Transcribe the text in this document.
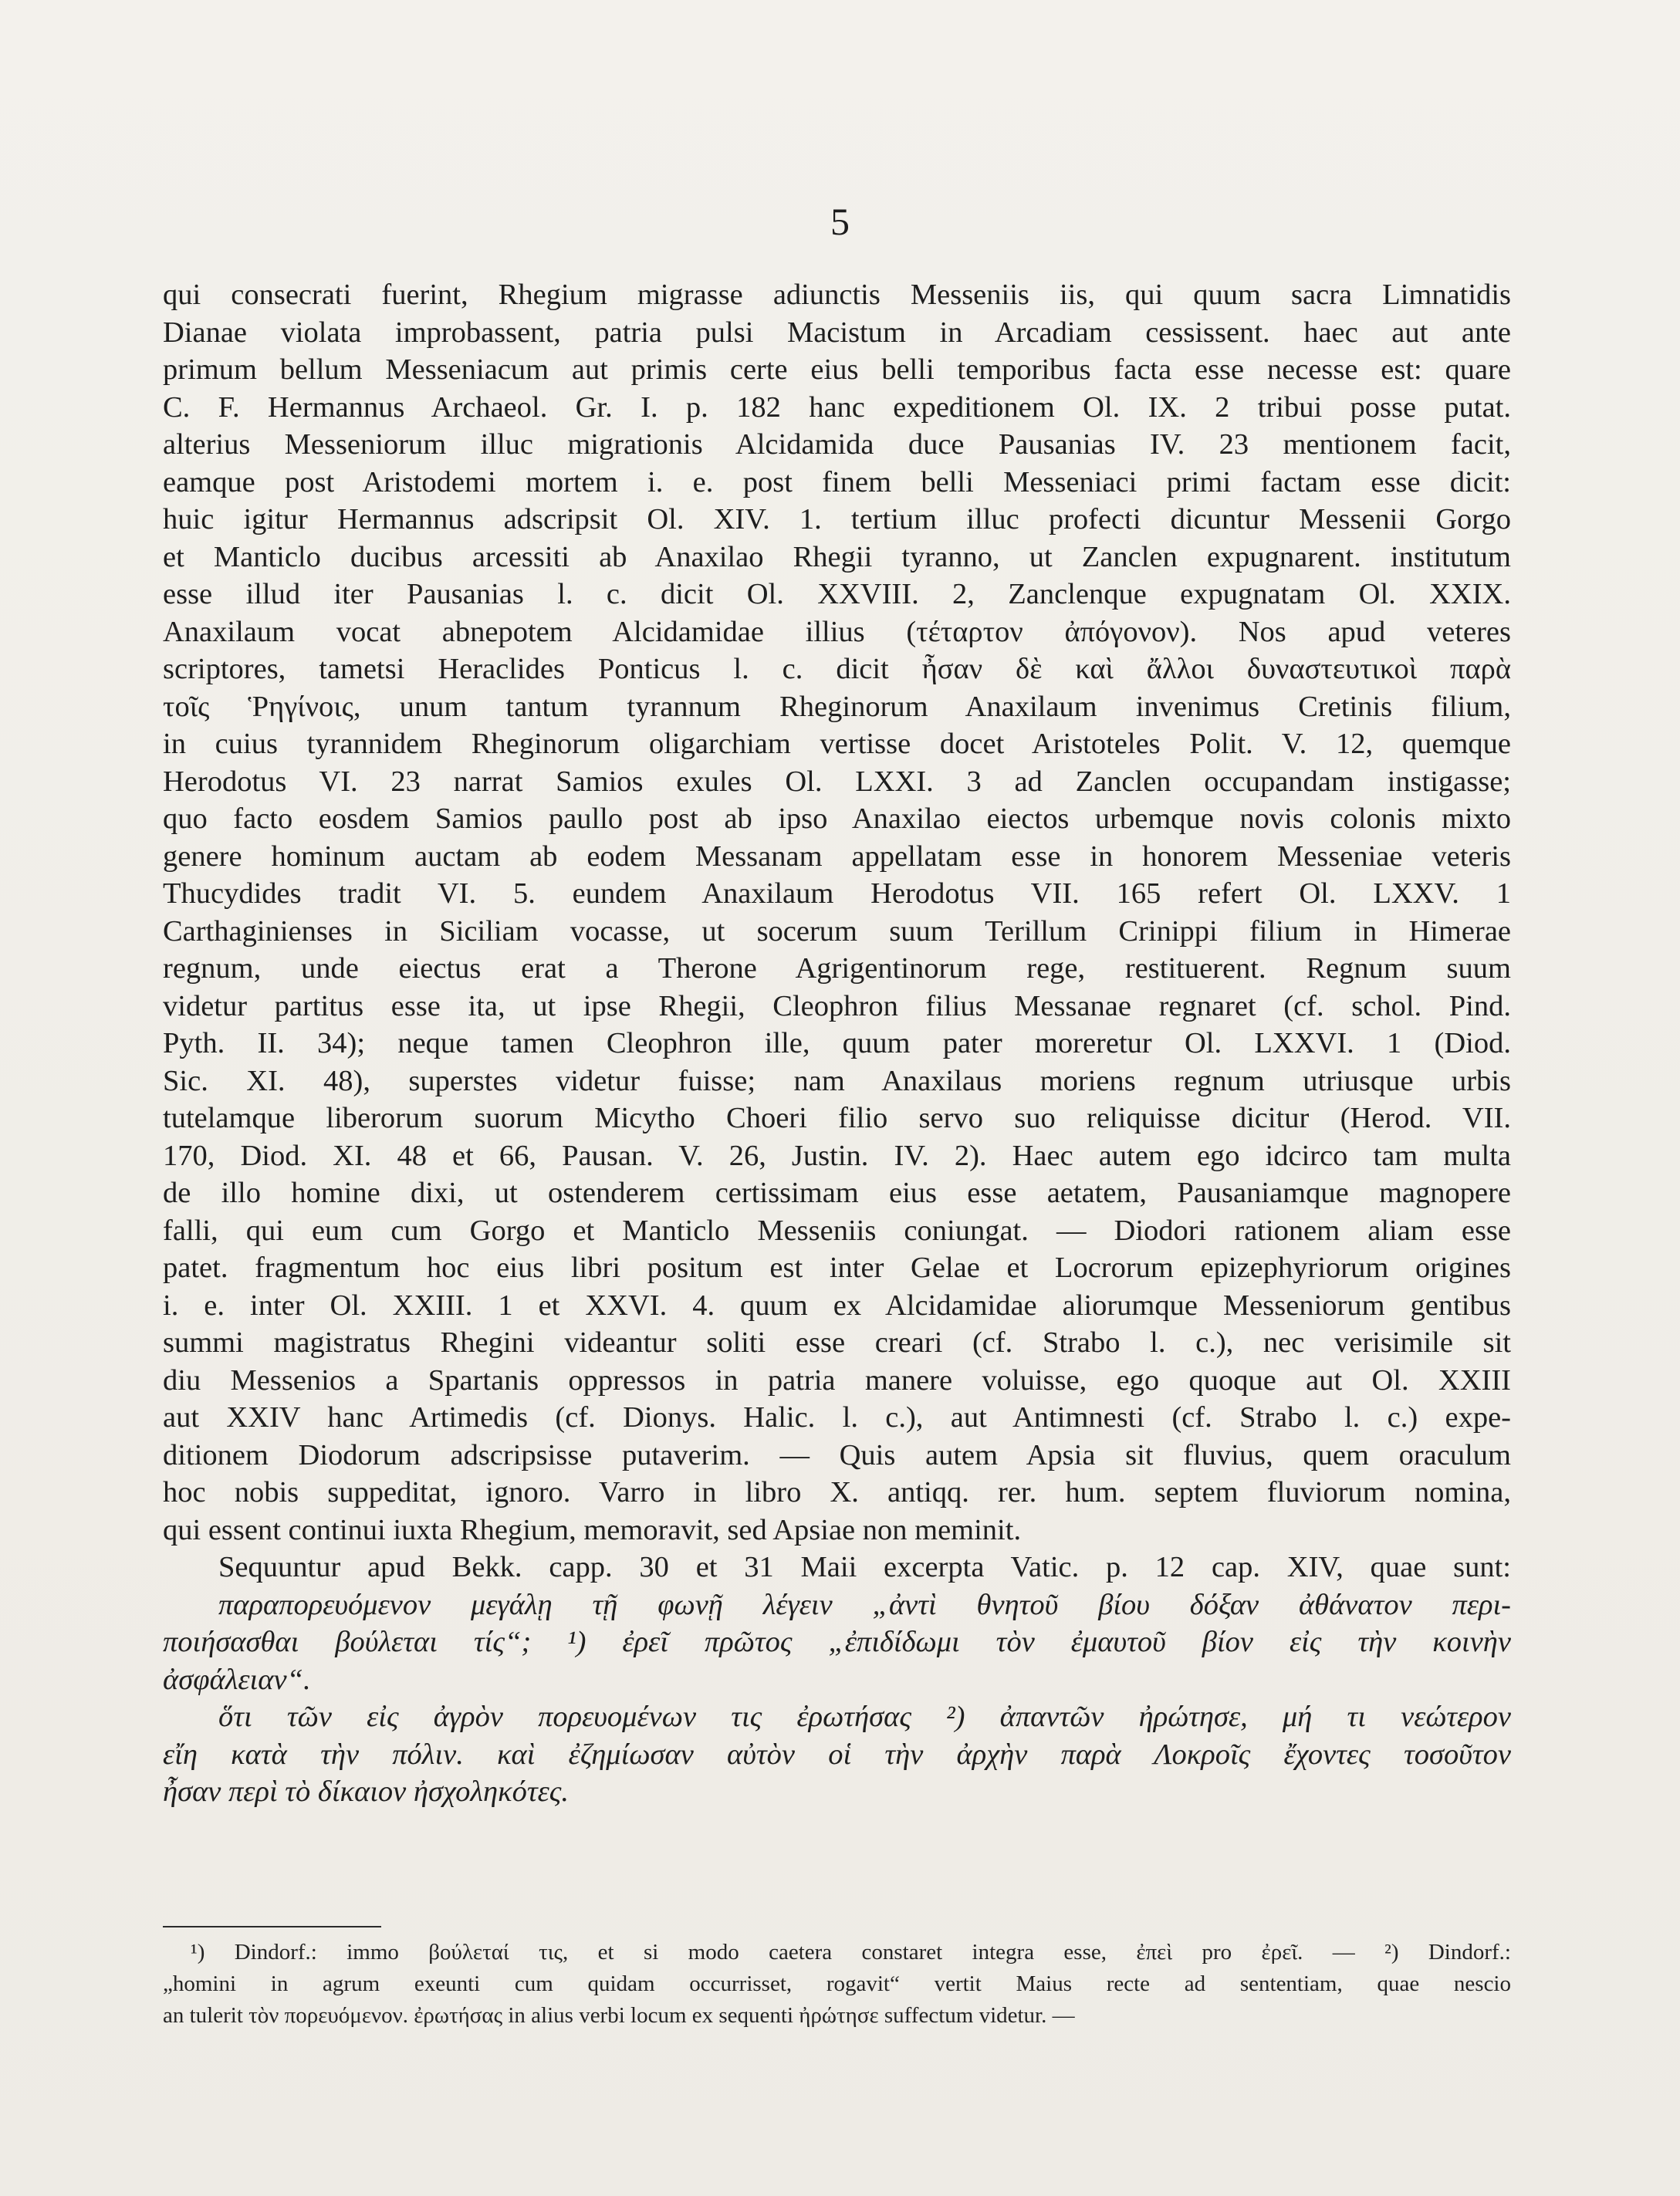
5
qui consecrati fuerint, Rhegium migrasse adiunctis Messeniis iis, qui quum sacra Limnatidis
Dianae violata improbassent, patria pulsi Macistum in Arcadiam cessissent. haec aut ante
primum bellum Messeniacum aut primis certe eius belli temporibus facta esse necesse est: quare
C. F. Hermannus Archaeol. Gr. I. p. 182 hanc expeditionem Ol. IX. 2 tribui posse putat.
alterius Messeniorum illuc migrationis Alcidamida duce Pausanias IV. 23 mentionem facit,
eamque post Aristodemi mortem i. e. post finem belli Messeniaci primi factam esse dicit:
huic igitur Hermannus adscripsit Ol. XIV. 1. tertium illuc profecti dicuntur Messenii Gorgo
et Manticlo ducibus arcessiti ab Anaxilao Rhegii tyranno, ut Zanclen expugnarent. institutum
esse illud iter Pausanias l. c. dicit Ol. XXVIII. 2, Zanclenque expugnatam Ol. XXIX.
Anaxilaum vocat abnepotem Alcidamidae illius (τέταρτον ἀπόγονον). Nos apud veteres
scriptores, tametsi Heraclides Ponticus l. c. dicit ἦσαν δὲ καὶ ἄλλοι δυναστευτικοὶ παρὰ
τοῖς Ῥηγίνοις, unum tantum tyrannum Rheginorum Anaxilaum invenimus Cretinis filium,
in cuius tyrannidem Rheginorum oligarchiam vertisse docet Aristoteles Polit. V. 12, quemque
Herodotus VI. 23 narrat Samios exules Ol. LXXI. 3 ad Zanclen occupandam instigasse;
quo facto eosdem Samios paullo post ab ipso Anaxilao eiectos urbemque novis colonis mixto
genere hominum auctam ab eodem Messanam appellatam esse in honorem Messeniae veteris
Thucydides tradit VI. 5. eundem Anaxilaum Herodotus VII. 165 refert Ol. LXXV. 1
Carthaginienses in Siciliam vocasse, ut socerum suum Terillum Crinippi filium in Himerae
regnum, unde eiectus erat a Therone Agrigentinorum rege, restituerent. Regnum suum
videtur partitus esse ita, ut ipse Rhegii, Cleophron filius Messanae regnaret (cf. schol. Pind.
Pyth. II. 34); neque tamen Cleophron ille, quum pater moreretur Ol. LXXVI. 1 (Diod.
Sic. XI. 48), superstes videtur fuisse; nam Anaxilaus moriens regnum utriusque urbis
tutelamque liberorum suorum Micytho Choeri filio servo suo reliquisse dicitur (Herod. VII.
170, Diod. XI. 48 et 66, Pausan. V. 26, Justin. IV. 2). Haec autem ego idcirco tam multa
de illo homine dixi, ut ostenderem certissimam eius esse aetatem, Pausaniamque magnopere
falli, qui eum cum Gorgo et Manticlo Messeniis coniungat. — Diodori rationem aliam esse
patet. fragmentum hoc eius libri positum est inter Gelae et Locrorum epizephyriorum origines
i. e. inter Ol. XXIII. 1 et XXVI. 4. quum ex Alcidamidae aliorumque Messeniorum gentibus
summi magistratus Rhegini videantur soliti esse creari (cf. Strabo l. c.), nec verisimile sit
diu Messenios a Spartanis oppressos in patria manere voluisse, ego quoque aut Ol. XXIII
aut XXIV hanc Artimedis (cf. Dionys. Halic. l. c.), aut Antimnesti (cf. Strabo l. c.) expe-
ditionem Diodorum adscripsisse putaverim. — Quis autem Apsia sit fluvius, quem oraculum
hoc nobis suppeditat, ignoro. Varro in libro X. antiqq. rer. hum. septem fluviorum nomina,
qui essent continui iuxta Rhegium, memoravit, sed Apsiae non meminit.
Sequuntur apud Bekk. capp. 30 et 31 Maii excerpta Vatic. p. 12 cap. XIV, quae sunt:
παραπορευόμενον μεγάλῃ τῇ φωνῇ λέγειν „ἀντὶ θνητοῦ βίου δόξαν ἀθάνατον περι-
ποιήσασθαι βούλεται τίς“; ¹) ἐρεῖ πρῶτος „ἐπιδίδωμι τὸν ἐμαυτοῦ βίον εἰς τὴν κοινὴν
ἀσφάλειαν“.
ὅτι τῶν εἰς ἀγρὸν πορευομένων τις ἐρωτήσας ²) ἀπαντῶν ἠρώτησε, μή τι νεώτερον
εἴη κατὰ τὴν πόλιν. καὶ ἐζημίωσαν αὐτὸν οἱ τὴν ἀρχὴν παρὰ Λοκροῖς ἔχοντες τοσοῦτον
ἦσαν περὶ τὸ δίκαιον ἠσχοληκότες.
¹) Dindorf.: immo βούλεταί τις, et si modo caetera constaret integra esse, ἐπεὶ pro ἐρεῖ. — ²) Dindorf.:
„homini in agrum exeunti cum quidam occurrisset, rogavit“ vertit Maius recte ad sententiam, quae nescio
an tulerit τὸν πορευόμενον. ἐρωτήσας in alius verbi locum ex sequenti ἠρώτησε suffectum videtur. —
